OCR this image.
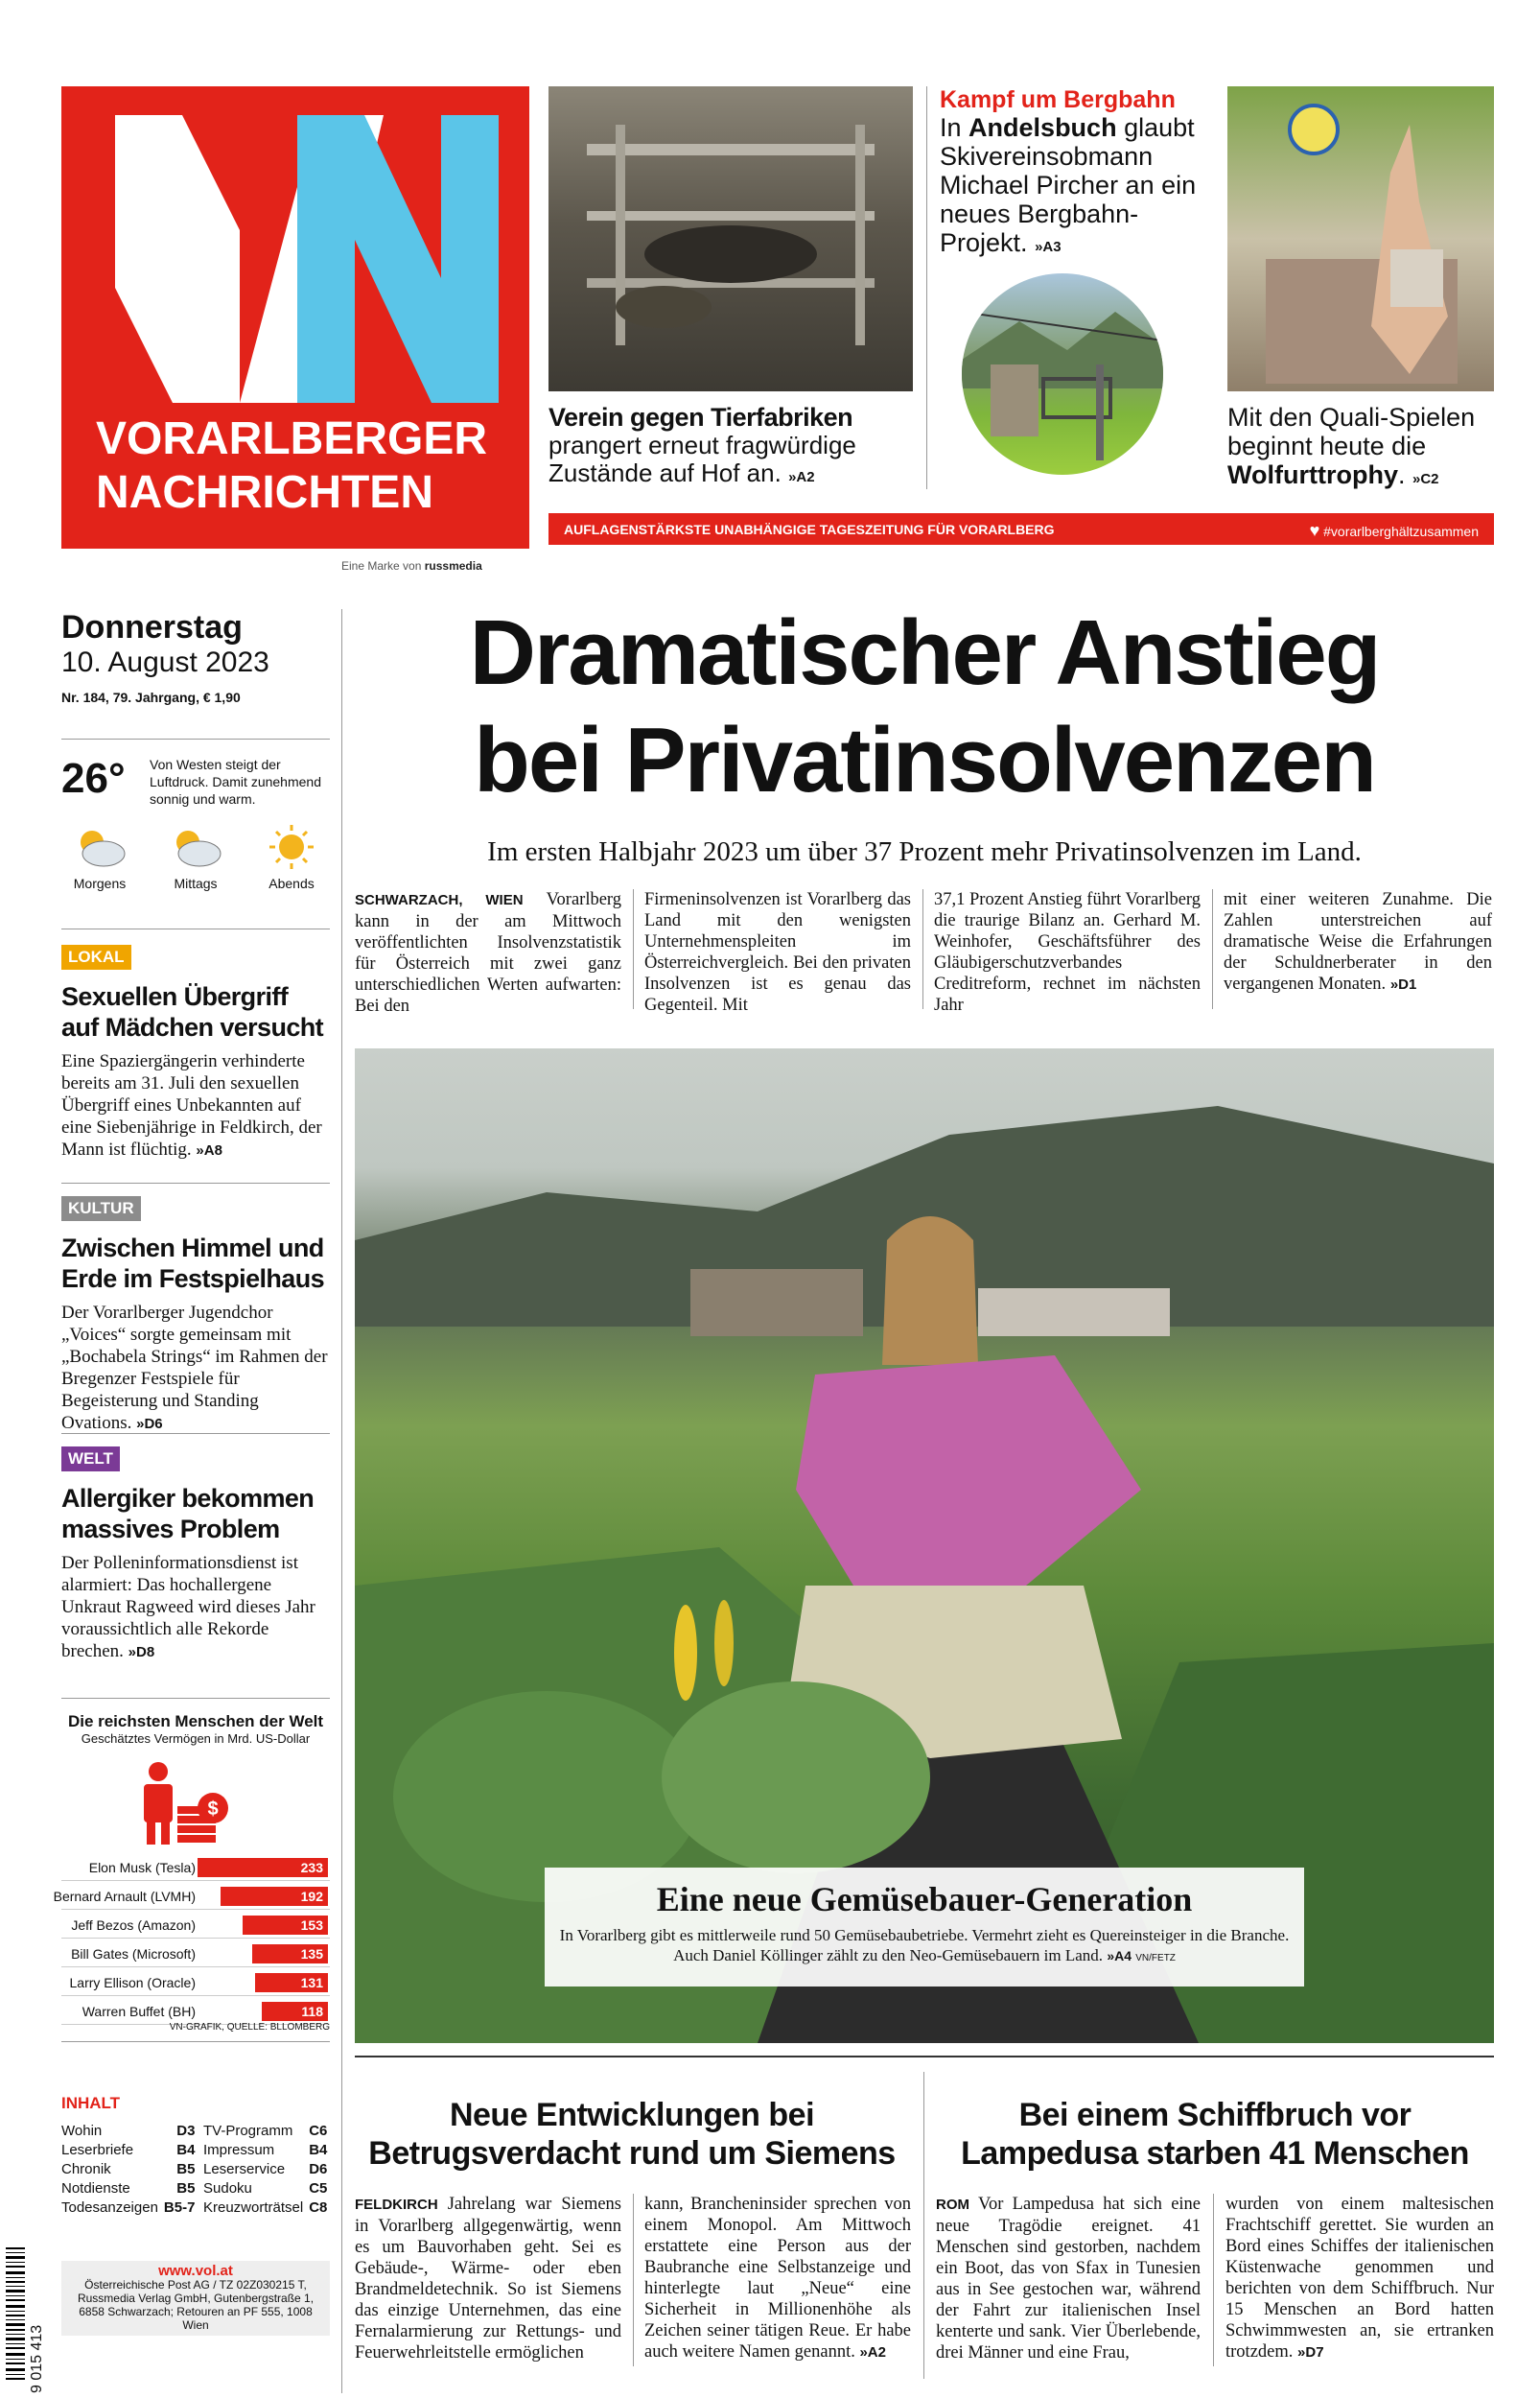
VORARLBERGER
NACHRICHTEN
Eine Marke von russmedia
Verein gegen Tierfabriken
prangert erneut fragwürdige Zustände auf Hof an. »A2
Kampf um Bergbahn
In Andelsbuch glaubt Skivereinsobmann Michael Pircher an ein neues Bergbahn-Projekt. »A3
Mit den Quali-Spielen beginnt heute die Wolfurttrophy. »C2
AUFLAGENSTÄRKSTE UNABHÄNGIGE TAGESZEITUNG FÜR VORARLBERG	♥ #vorarlberghältzusammen
Donnerstag
10. August 2023
Nr. 184, 79. Jahrgang, € 1,90
26° Von Westen steigt der Luftdruck. Damit zunehmend sonnig und warm.
Morgens	Mittags	Abends
LOKAL
Sexuellen Übergriff auf Mädchen versucht
Eine Spaziergängerin verhinderte bereits am 31. Juli den sexuellen Übergriff eines Unbekannten auf eine Siebenjährige in Feldkirch, der Mann ist flüchtig. »A8
KULTUR
Zwischen Himmel und Erde im Festspielhaus
Der Vorarlberger Jugendchor „Voices“ sorgte gemeinsam mit „Bochabela Strings“ im Rahmen der Bregenzer Festspiele für Begeisterung und Standing Ovations. »D6
WELT
Allergiker bekommen massives Problem
Der Polleninformationsdienst ist alarmiert: Das hochallergene Unkraut Ragweed wird dieses Jahr voraussichtlich alle Rekorde brechen. »D8
Die reichsten Menschen der Welt
Geschätztes Vermögen in Mrd. US-Dollar
$
Elon Musk (Tesla)	233
Bernard Arnault (LVMH)	192
Jeff Bezos (Amazon)	153
Bill Gates (Microsoft)	135
Larry Ellison (Oracle)	131
Warren Buffet (BH)	118
VN-GRAFIK, QUELLE: BLLOMBERG
INHALT
Wohin	D3
Leserbriefe	B4
Chronik	B5
Notdienste	B5
Todesanzeigen	B5-7
TV-Programm	C6
Impressum	B4
Leserservice	D6
Sudoku	C5
Kreuzworträtsel	C8
9 015 413
www.vol.at
Österreichische Post AG / TZ 02Z030215 T,
Russmedia Verlag GmbH, Gutenbergstraße 1,
6858 Schwarzach; Retouren an PF 555, 1008 Wien
Dramatischer Anstieg
bei Privatinsolvenzen
Im ersten Halbjahr 2023 um über 37 Prozent mehr Privatinsolvenzen im Land.
SCHWARZACH, WIEN Vorarlberg kann in der am Mittwoch veröffentlichten Insolvenzstatistik für Österreich mit zwei ganz unterschiedlichen Werten aufwarten: Bei den
Firmeninsolvenzen ist Vorarlberg das Land mit den wenigsten Unternehmenspleiten im Österreichvergleich. Bei den privaten Insolvenzen ist es genau das Gegenteil. Mit
37,1 Prozent Anstieg führt Vorarlberg die traurige Bilanz an. Gerhard M. Weinhofer, Geschäftsführer des Gläubigerschutzverbandes Creditreform, rechnet im nächsten Jahr
mit einer weiteren Zunahme. Die Zahlen unterstreichen auf dramatische Weise die Erfahrungen der Schuldnerberater in den vergangenen Monaten. »D1
Eine neue Gemüsebauer-Generation
In Vorarlberg gibt es mittlerweile rund 50 Gemüsebaubetriebe. Vermehrt zieht es Quereinsteiger in die Branche. Auch Daniel Köllinger zählt zu den Neo-Gemüsebauern im Land. »A4 VN/FETZ
Neue Entwicklungen bei
Betrugsverdacht rund um Siemens
FELDKIRCH Jahrelang war Siemens in Vorarlberg allgegenwärtig, wenn es um Bauvorhaben geht. Sei es Gebäude-, Wärme- oder eben Brandmeldetechnik. So ist Siemens das einzige Unternehmen, das eine Fernalarmierung zur Rettungs- und Feuerwehrleitstelle ermöglichen
kann, Brancheninsider sprechen von einem Monopol. Am Mittwoch erstattete eine Person aus der Baubranche eine Selbstanzeige und hinterlegte laut „Neue“ eine Sicherheit in Millionenhöhe als Zeichen seiner tätigen Reue. Er habe auch weitere Namen genannt. »A2
Bei einem Schiffbruch vor
Lampedusa starben 41 Menschen
ROM Vor Lampedusa hat sich eine neue Tragödie ereignet. 41 Menschen sind gestorben, nachdem ein Boot, das von Sfax in Tunesien aus in See gestochen war, während der Fahrt zur italienischen Insel kenterte und sank. Vier Überlebende, drei Männer und eine Frau,
wurden von einem maltesischen Frachtschiff gerettet. Sie wurden an Bord eines Schiffes der italienischen Küstenwache genommen und berichten von dem Schiffbruch. Nur 15 Menschen an Bord hatten Schwimmwesten an, sie ertranken trotzdem. »D7
